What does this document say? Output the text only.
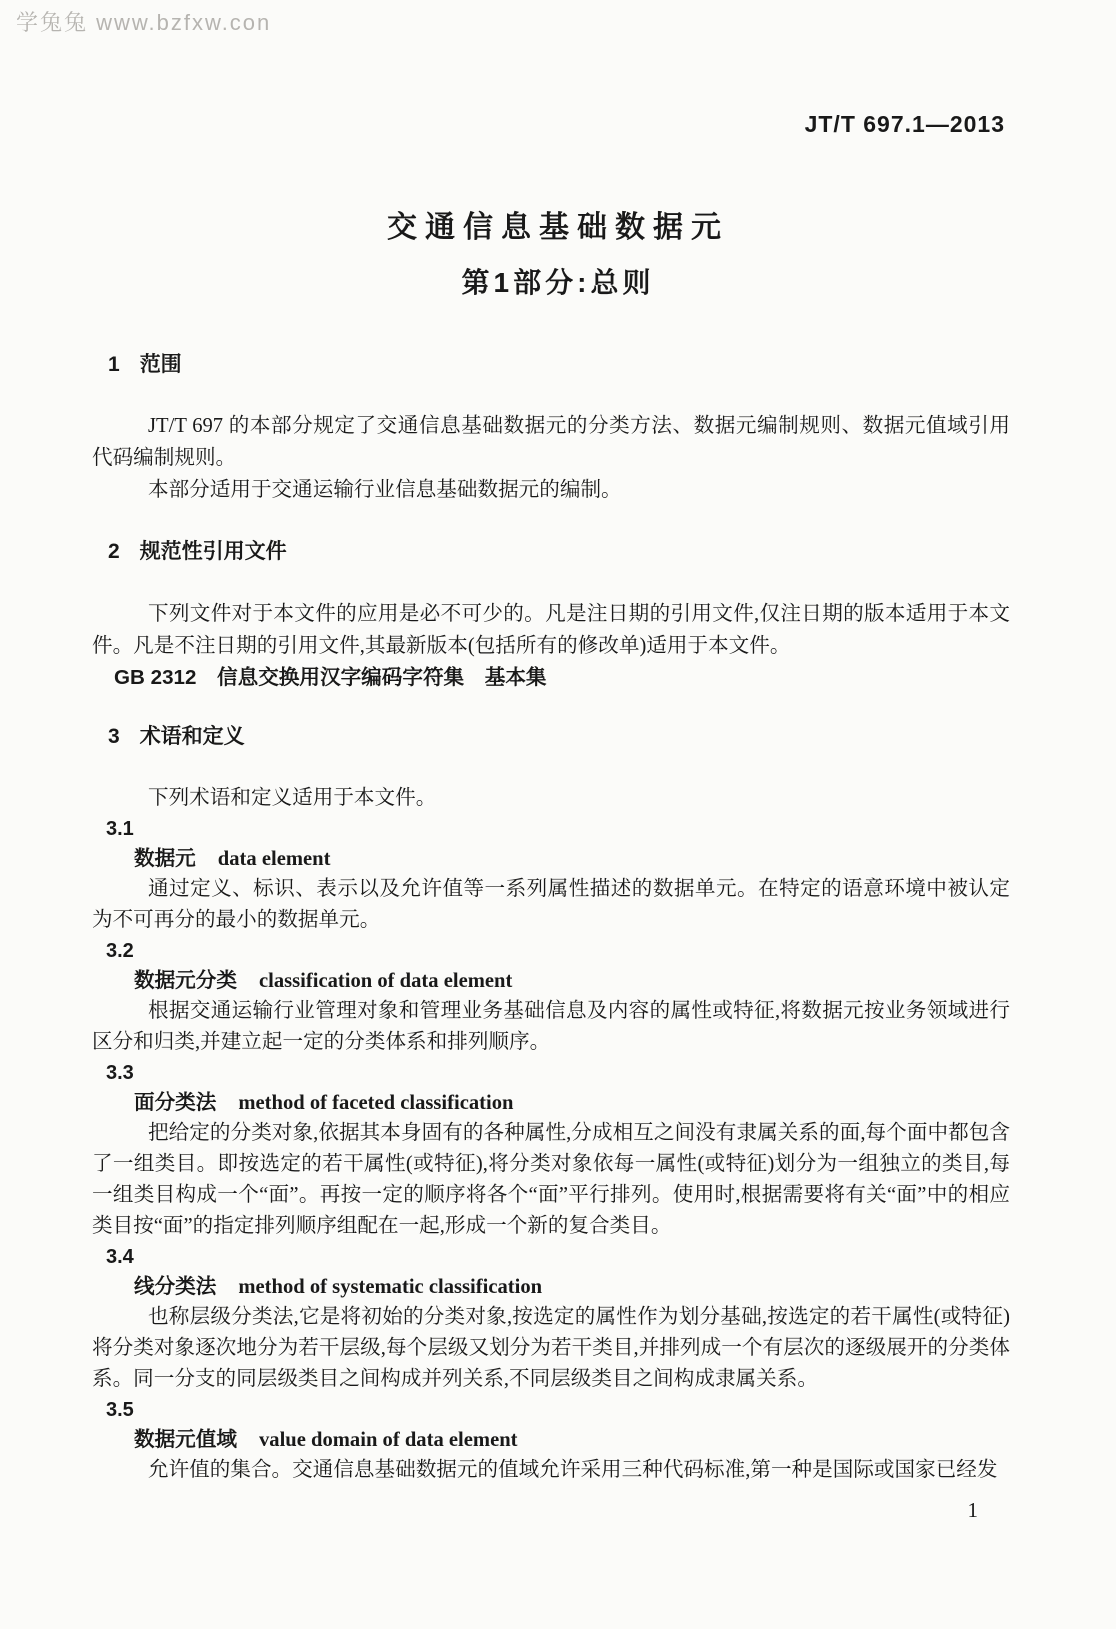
学兔兔 www.bzfxw.con
JT/T 697.1—2013
交通信息基础数据元
第1部分:总则
1 范围

JT/T 697 的本部分规定了交通信息基础数据元的分类方法、数据元编制规则、数据元值域引用代码编制规则。

本部分适用于交通运输行业信息基础数据元的编制。

2 规范性引用文件

下列文件对于本文件的应用是必不可少的。凡是注日期的引用文件,仅注日期的版本适用于本文件。凡是不注日期的引用文件,其最新版本(包括所有的修改单)适用于本文件。

GB 2312　信息交换用汉字编码字符集　基本集
3 术语和定义

下列术语和定义适用于本文件。

3.1
数据元 data element

通过定义、标识、表示以及允许值等一系列属性描述的数据单元。在特定的语意环境中被认定为不可再分的最小的数据单元。

3.2
数据元分类 classification of data element

根据交通运输行业管理对象和管理业务基础信息及内容的属性或特征,将数据元按业务领域进行区分和归类,并建立起一定的分类体系和排列顺序。

3.3
面分类法 method of faceted classification

把给定的分类对象,依据其本身固有的各种属性,分成相互之间没有隶属关系的面,每个面中都包含了一组类目。即按选定的若干属性(或特征),将分类对象依每一属性(或特征)划分为一组独立的类目,每一组类目构成一个“面”。再按一定的顺序将各个“面”平行排列。使用时,根据需要将有关“面”中的相应类目按“面”的指定排列顺序组配在一起,形成一个新的复合类目。

3.4
线分类法 method of systematic classification

也称层级分类法,它是将初始的分类对象,按选定的属性作为划分基础,按选定的若干属性(或特征)将分类对象逐次地分为若干层级,每个层级又划分为若干类目,并排列成一个有层次的逐级展开的分类体系。同一分支的同层级类目之间构成并列关系,不同层级类目之间构成隶属关系。

3.5
数据元值域 value domain of data element

允许值的集合。交通信息基础数据元的值域允许采用三种代码标准,第一种是国际或国家已经发

1
